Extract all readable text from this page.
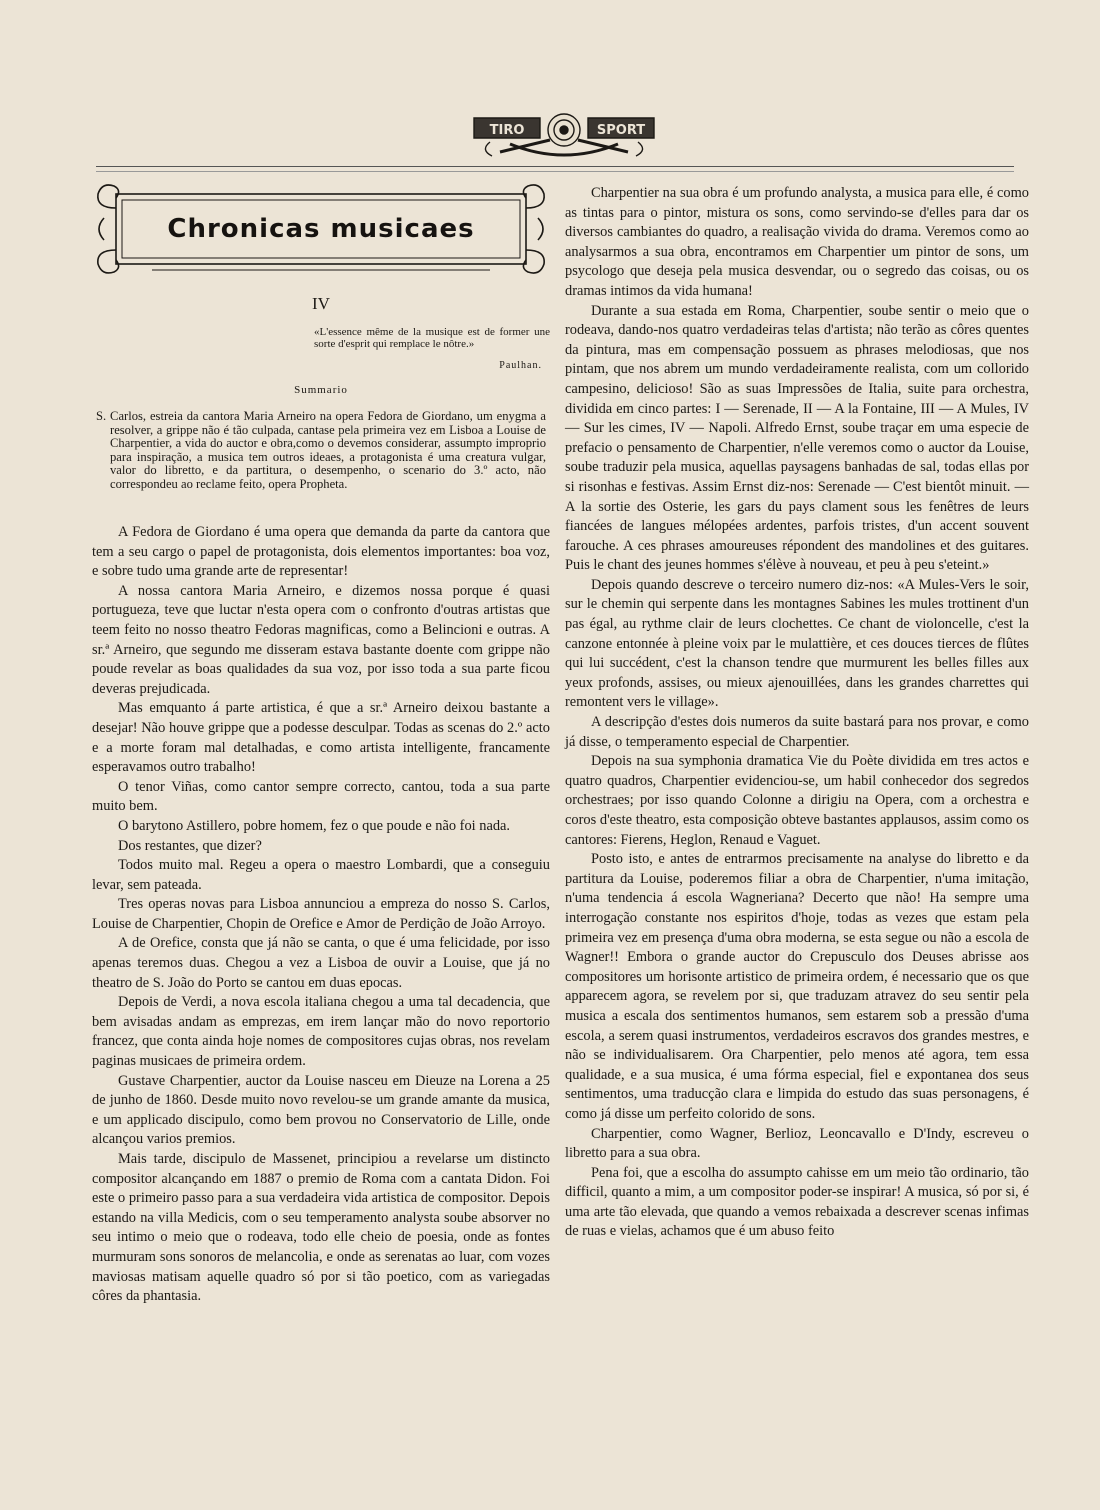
TIRO	SPORT
Chronicas musicaes
IV
«L'essence même de la musique est de former une sorte d'esprit qui remplace le nôtre.»
Paulhan.
Summario
S. Carlos, estreia da cantora Maria Arneiro na opera Fedora de Giordano, um enygma a resolver, a grippe não é tão culpada, cantase pela primeira vez em Lisboa a Louise de Charpentier, a vida do auctor e obra,como o devemos considerar, assumpto improprio para inspiração, a musica tem outros ideaes, a protagonista é uma creatura vulgar, valor do libretto, e da partitura, o desempenho, o scenario do 3.º acto, não correspondeu ao reclame feito, opera Propheta.

A Fedora de Giordano é uma opera que demanda da parte da cantora que tem a seu cargo o papel de protagonista, dois elementos importantes: boa voz, e sobre tudo uma grande arte de representar!

A nossa cantora Maria Arneiro, e dizemos nossa porque é quasi portugueza, teve que luctar n'esta opera com o confronto d'outras artistas que teem feito no nosso theatro Fedoras magnificas, como a Belincioni e outras. A sr.ª Arneiro, que segundo me disseram estava bastante doente com grippe não poude revelar as boas qualidades da sua voz, por isso toda a sua parte ficou deveras prejudicada.

Mas emquanto á parte artistica, é que a sr.ª Arneiro deixou bastante a desejar! Não houve grippe que a podesse desculpar. Todas as scenas do 2.º acto e a morte foram mal detalhadas, e como artista intelligente, francamente esperavamos outro trabalho!

O tenor Viñas, como cantor sempre correcto, cantou, toda a sua parte muito bem.

O barytono Astillero, pobre homem, fez o que poude e não foi nada.

Dos restantes, que dizer?

Todos muito mal. Regeu a opera o maestro Lombardi, que a conseguiu levar, sem pateada.

Tres operas novas para Lisboa annunciou a empreza do nosso S. Carlos, Louise de Charpentier, Chopin de Orefice e Amor de Perdição de João Arroyo.

A de Orefice, consta que já não se canta, o que é uma felicidade, por isso apenas teremos duas. Chegou a vez a Lisboa de ouvir a Louise, que já no theatro de S. João do Porto se cantou em duas epocas.

Depois de Verdi, a nova escola italiana chegou a uma tal decadencia, que bem avisadas andam as emprezas, em irem lançar mão do novo reportorio francez, que conta ainda hoje nomes de compositores cujas obras, nos revelam paginas musicaes de primeira ordem.

Gustave Charpentier, auctor da Louise nasceu em Dieuze na Lorena a 25 de junho de 1860. Desde muito novo revelou-se um grande amante da musica, e um applicado discipulo, como bem provou no Conservatorio de Lille, onde alcançou varios premios.

Mais tarde, discipulo de Massenet, principiou a revelarse um distincto compositor alcançando em 1887 o premio de Roma com a cantata Didon. Foi este o primeiro passo para a sua verdadeira vida artistica de compositor. Depois estando na villa Medicis, com o seu temperamento analysta soube absorver no seu intimo o meio que o rodeava, todo elle cheio de poesia, onde as fontes murmuram sons sonoros de melancolia, e onde as serenatas ao luar, com vozes maviosas matisam aquelle quadro só por si tão poetico, com as variegadas côres da phantasia.

Charpentier na sua obra é um profundo analysta, a musica para elle, é como as tintas para o pintor, mistura os sons, como servindo-se d'elles para dar os diversos cambiantes do quadro, a realisação vivida do drama. Veremos como ao analysarmos a sua obra, encontramos em Charpentier um pintor de sons, um psycologo que deseja pela musica desvendar, ou o segredo das coisas, ou os dramas intimos da vida humana!

Durante a sua estada em Roma, Charpentier, soube sentir o meio que o rodeava, dando-nos quatro verdadeiras telas d'artista; não terão as côres quentes da pintura, mas em compensação possuem as phrases melodiosas, que nos pintam, que nos abrem um mundo verdadeiramente realista, com um collorido campesino, delicioso! São as suas Impressões de Italia, suite para orchestra, dividida em cinco partes: I — Serenade, II — A la Fontaine, III — A Mules, IV — Sur les cimes, IV — Napoli. Alfredo Ernst, soube traçar em uma especie de prefacio o pensamento de Charpentier, n'elle veremos como o auctor da Louise, soube traduzir pela musica, aquellas paysagens banhadas de sal, todas ellas por si risonhas e festivas. Assim Ernst diz-nos: Serenade — C'est bientôt minuit. — A la sortie des Osterie, les gars du pays clament sous les fenêtres de leurs fiancées de langues mélopées ardentes, parfois tristes, d'un accent souvent farouche. A ces phrases amoureuses répondent des mandolines et des guitares. Puis le chant des jeunes hommes s'élève à nouveau, et peu à peu s'eteint.»

Depois quando descreve o terceiro numero diz-nos: «A Mules-Vers le soir, sur le chemin qui serpente dans les montagnes Sabines les mules trottinent d'un pas égal, au rythme clair de leurs clochettes. Ce chant de violoncelle, c'est la canzone entonnée à pleine voix par le mulattière, et ces douces tierces de flûtes qui lui succédent, c'est la chanson tendre que murmurent les belles filles aux yeux profonds, assises, ou mieux ajenouillées, dans les grandes charrettes qui remontent vers le village».

A descripção d'estes dois numeros da suite bastará para nos provar, e como já disse, o temperamento especial de Charpentier.

Depois na sua symphonia dramatica Vie du Poète dividida em tres actos e quatro quadros, Charpentier evidenciou-se, um habil conhecedor dos segredos orchestraes; por isso quando Colonne a dirigiu na Opera, com a orchestra e coros d'este theatro, esta composição obteve bastantes applausos, assim como os cantores: Fierens, Heglon, Renaud e Vaguet.

Posto isto, e antes de entrarmos precisamente na analyse do libretto e da partitura da Louise, poderemos filiar a obra de Charpentier, n'uma imitação, n'uma tendencia á escola Wagneriana? Decerto que não! Ha sempre uma interrogação constante nos espiritos d'hoje, todas as vezes que estam pela primeira vez em presença d'uma obra moderna, se esta segue ou não a escola de Wagner!! Embora o grande auctor do Crepusculo dos Deuses abrisse aos compositores um horisonte artistico de primeira ordem, é necessario que os que apparecem agora, se revelem por si, que traduzam atravez do seu sentir pela musica a escala dos sentimentos humanos, sem estarem sob a pressão d'uma escola, a serem quasi instrumentos, verdadeiros escravos dos grandes mestres, e não se individualisarem. Ora Charpentier, pelo menos até agora, tem essa qualidade, e a sua musica, é uma fórma especial, fiel e expontanea dos seus sentimentos, uma traducção clara e limpida do estudo das suas personagens, é como já disse um perfeito colorido de sons.

Charpentier, como Wagner, Berlioz, Leoncavallo e D'Indy, escreveu o libretto para a sua obra.

Pena foi, que a escolha do assumpto cahisse em um meio tão ordinario, tão difficil, quanto a mim, a um compositor poder-se inspirar! A musica, só por si, é uma arte tão elevada, que quando a vemos rebaixada a descrever scenas infimas de ruas e vielas, achamos que é um abuso feito
